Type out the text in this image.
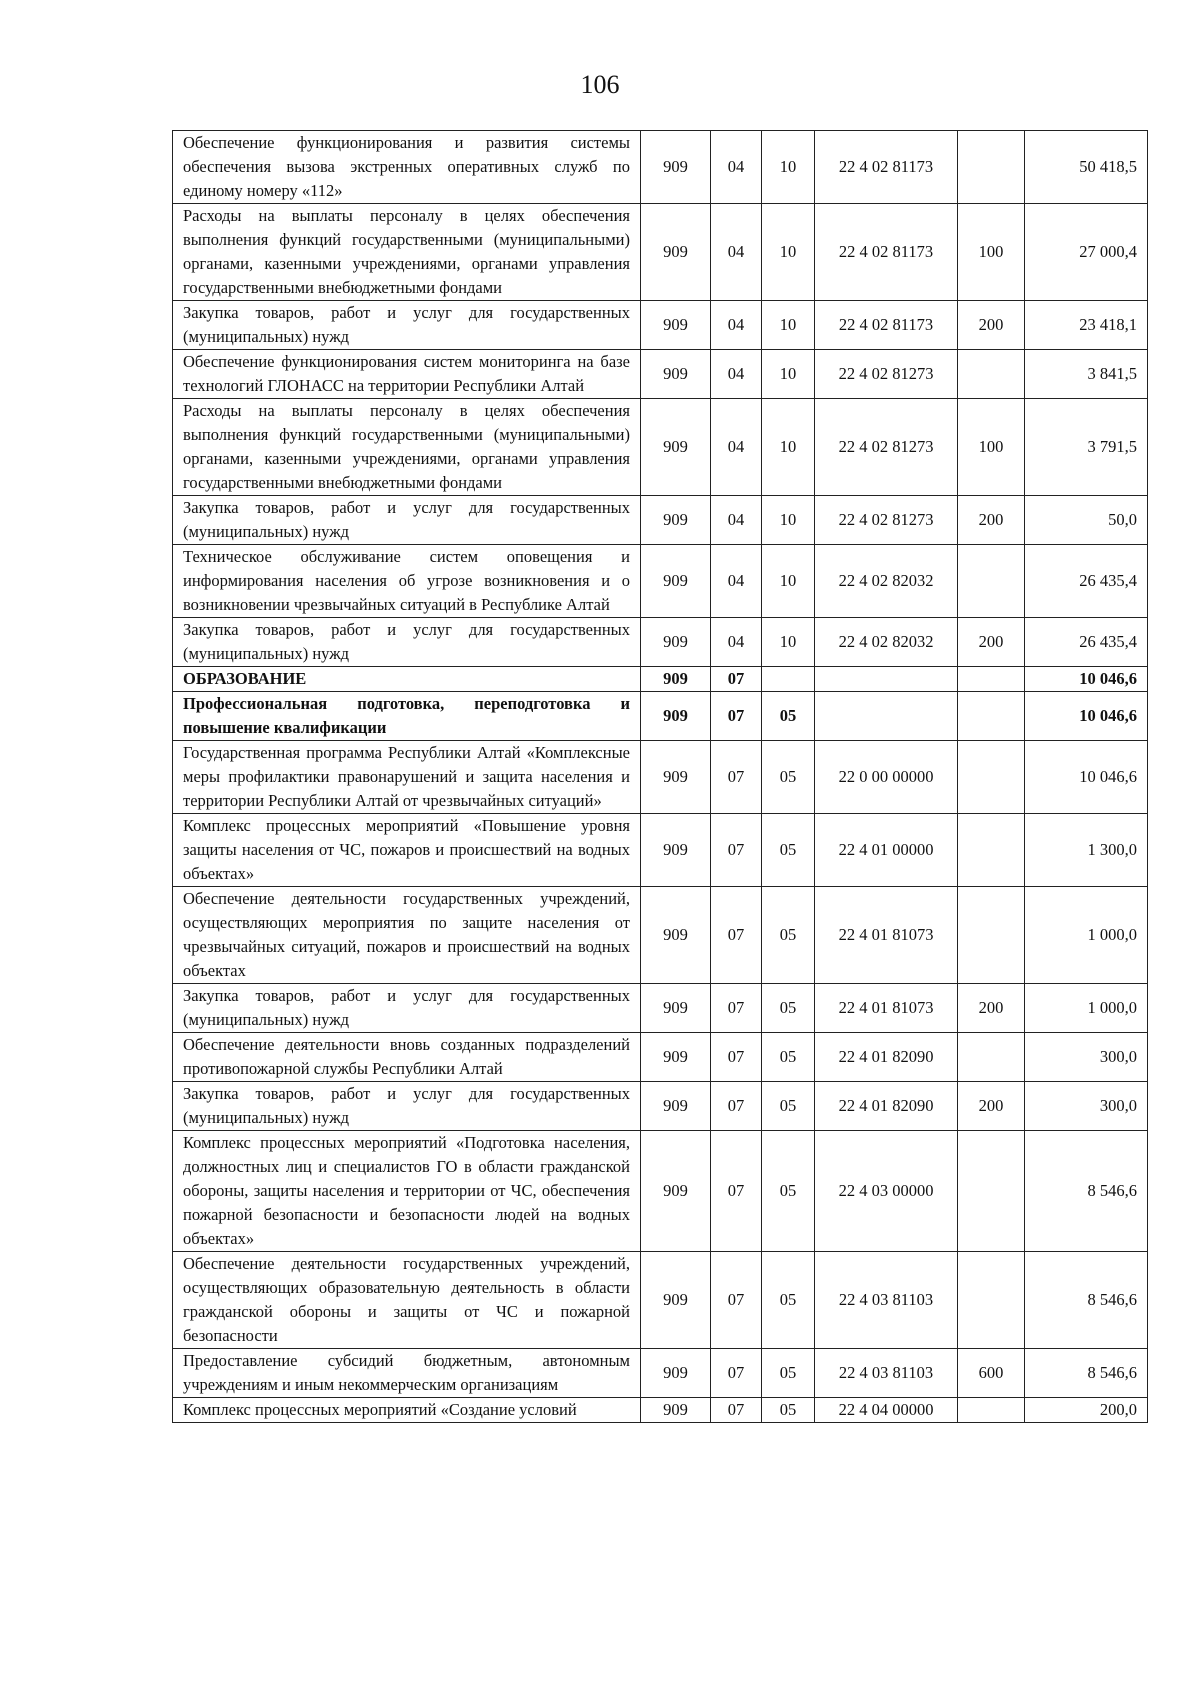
106
Обеспечение функционирования и развития системы обеспечения вызова экстренных оперативных служб по единому номеру «112»	909	04	10	22 4 02 81173		50 418,5
Расходы на выплаты персоналу в целях обеспечения выполнения функций государственными (муниципальными) органами, казенными учреждениями, органами управления государственными внебюджетными фондами	909	04	10	22 4 02 81173	100	27 000,4
Закупка товаров, работ и услуг для государственных (муниципальных) нужд	909	04	10	22 4 02 81173	200	23 418,1
Обеспечение функционирования систем мониторинга на базе технологий ГЛОНАСС на территории Республики Алтай	909	04	10	22 4 02 81273		3 841,5
Расходы на выплаты персоналу в целях обеспечения выполнения функций государственными (муниципальными) органами, казенными учреждениями, органами управления государственными внебюджетными фондами	909	04	10	22 4 02 81273	100	3 791,5
Закупка товаров, работ и услуг для государственных (муниципальных) нужд	909	04	10	22 4 02 81273	200	50,0
Техническое обслуживание систем оповещения и информирования населения об угрозе возникновения и о возникновении чрезвычайных ситуаций в Республике Алтай	909	04	10	22 4 02 82032		26 435,4
Закупка товаров, работ и услуг для государственных (муниципальных) нужд	909	04	10	22 4 02 82032	200	26 435,4
ОБРАЗОВАНИЕ	909	07				10 046,6
Профессиональная подготовка, переподготовка и повышение квалификации	909	07	05			10 046,6
Государственная программа Республики Алтай «Комплексные меры профилактики правонарушений и защита населения и территории Республики Алтай от чрезвычайных ситуаций»	909	07	05	22 0 00 00000		10 046,6
Комплекс процессных мероприятий «Повышение уровня защиты населения от ЧС, пожаров и происшествий на водных объектах»	909	07	05	22 4 01 00000		1 300,0
Обеспечение деятельности государственных учреждений, осуществляющих мероприятия по защите населения от чрезвычайных ситуаций, пожаров и происшествий на водных объектах	909	07	05	22 4 01 81073		1 000,0
Закупка товаров, работ и услуг для государственных (муниципальных) нужд	909	07	05	22 4 01 81073	200	1 000,0
Обеспечение деятельности вновь созданных подразделений противопожарной службы Республики Алтай	909	07	05	22 4 01 82090		300,0
Закупка товаров, работ и услуг для государственных (муниципальных) нужд	909	07	05	22 4 01 82090	200	300,0
Комплекс процессных мероприятий «Подготовка населения, должностных лиц и специалистов ГО в области гражданской обороны, защиты населения и территории от ЧС, обеспечения пожарной безопасности и безопасности людей на водных объектах»	909	07	05	22 4 03 00000		8 546,6
Обеспечение деятельности государственных учреждений, осуществляющих образовательную деятельность в области гражданской обороны и защиты от ЧС и пожарной безопасности	909	07	05	22 4 03 81103		8 546,6
Предоставление субсидий бюджетным, автономным учреждениям и иным некоммерческим организациям	909	07	05	22 4 03 81103	600	8 546,6
Комплекс процессных мероприятий «Создание условий	909	07	05	22 4 04 00000		200,0
